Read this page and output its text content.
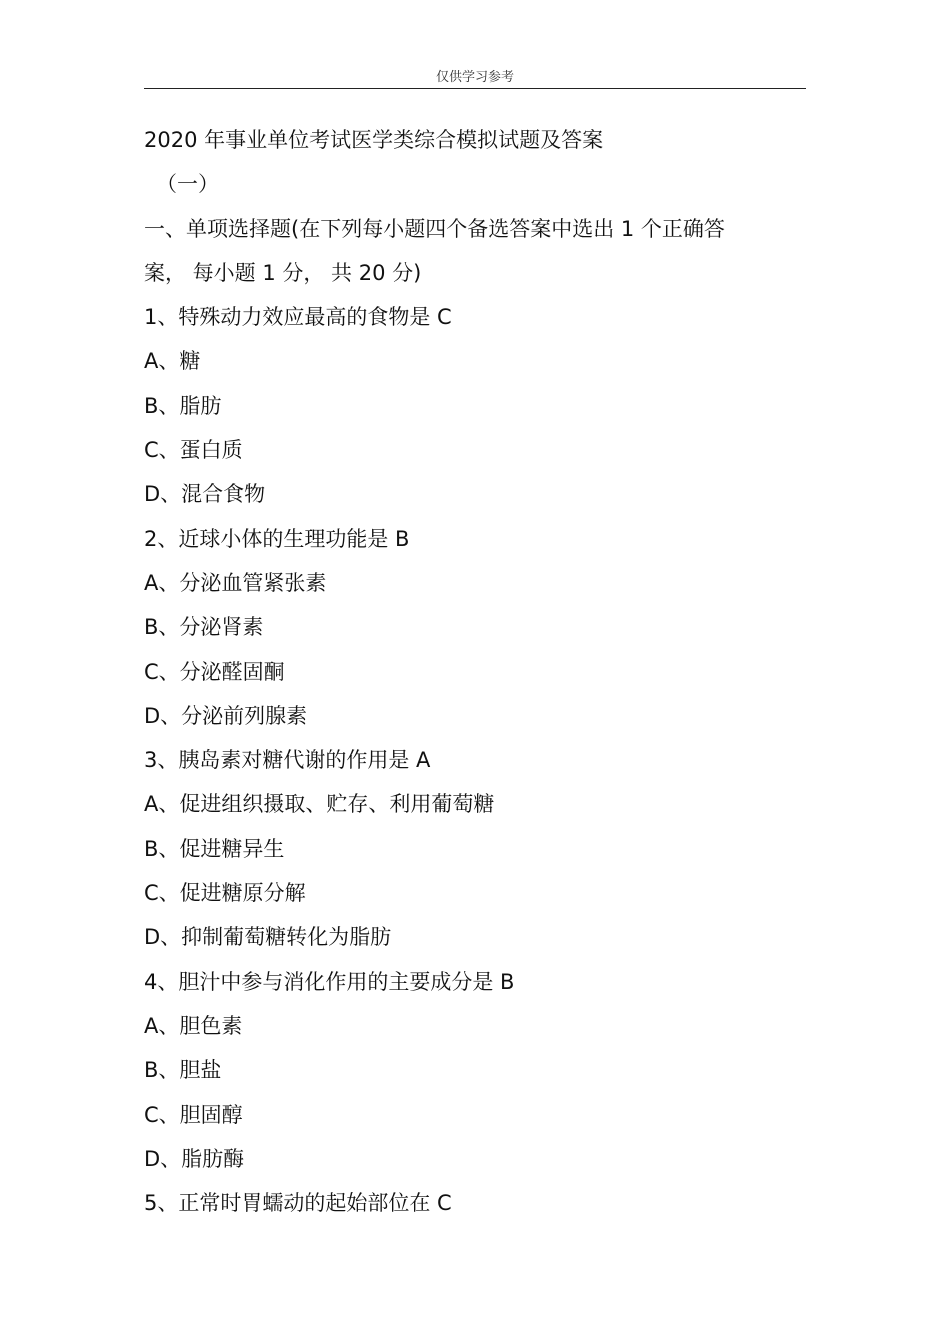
仅供学习参考
2020 年事业单位考试医学类综合模拟试题及答案
（一）
一、单项选择题(在下列每小题四个备选答案中选出 1 个正确答
案， 每小题 1 分， 共 20 分)
1、特殊动力效应最高的食物是 C
A、糖
B、脂肪
C、蛋白质
D、混合食物
2、近球小体的生理功能是 B
A、分泌血管紧张素
B、分泌肾素
C、分泌醛固酮
D、分泌前列腺素
3、胰岛素对糖代谢的作用是 A
A、促进组织摄取、贮存、利用葡萄糖
B、促进糖异生
C、促进糖原分解
D、抑制葡萄糖转化为脂肪
4、胆汁中参与消化作用的主要成分是 B
A、胆色素
B、胆盐
C、胆固醇
D、脂肪酶
5、正常时胃蠕动的起始部位在 C
